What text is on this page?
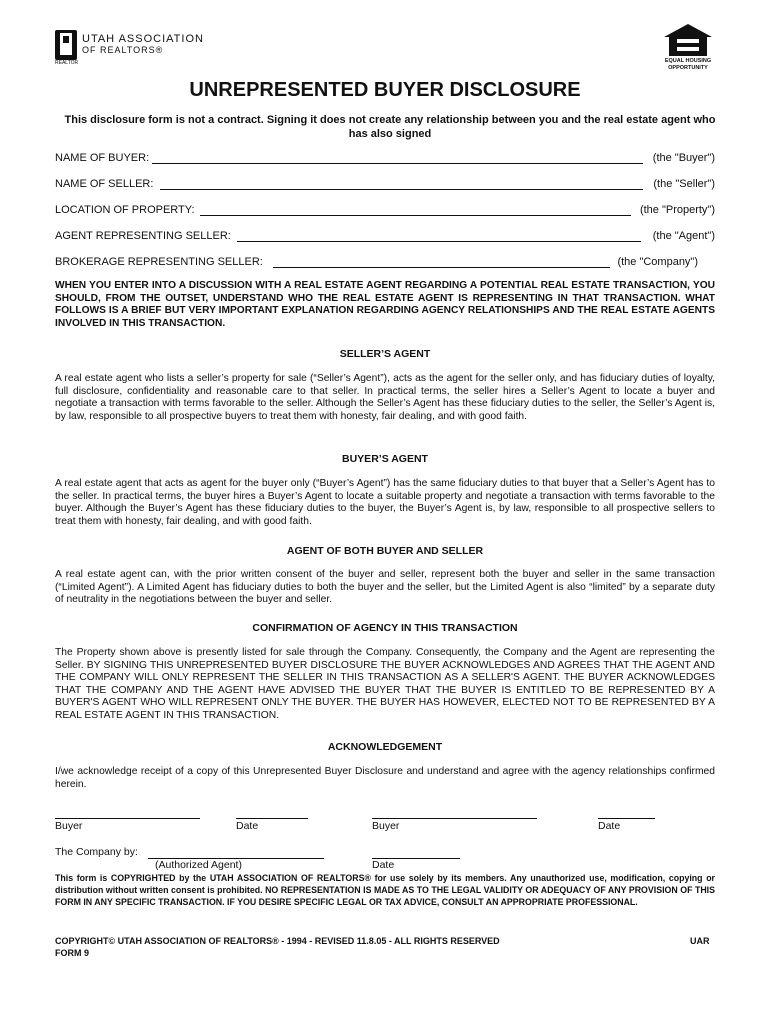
REALTOR
UTAH ASSOCIATION
OF REALTORS®
EQUAL HOUSING
OPPORTUNITY
UNREPRESENTED BUYER DISCLOSURE
This disclosure form is not a contract. Signing it does not create any relationship between you and the real estate agent who has also signed
NAME OF BUYER:	(the "Buyer")
NAME OF SELLER:	(the "Seller")
LOCATION OF PROPERTY:	(the "Property")
AGENT REPRESENTING SELLER:	(the "Agent")
BROKERAGE REPRESENTING SELLER:	(the "Company")
WHEN YOU ENTER INTO A DISCUSSION WITH A REAL ESTATE AGENT REGARDING A POTENTIAL REAL ESTATE TRANSACTION, YOU SHOULD, FROM THE OUTSET, UNDERSTAND WHO THE REAL ESTATE AGENT IS REPRESENTING IN THAT TRANSACTION. WHAT FOLLOWS IS A BRIEF BUT VERY IMPORTANT EXPLANATION REGARDING AGENCY RELATIONSHIPS AND THE REAL ESTATE AGENTS INVOLVED IN THIS TRANSACTION.
SELLER’S AGENT
A real estate agent who lists a seller’s property for sale (“Seller’s Agent”), acts as the agent for the seller only, and has fiduciary duties of loyalty, full disclosure, confidentiality and reasonable care to that seller. In practical terms, the seller hires a Seller’s Agent to locate a buyer and negotiate a transaction with terms favorable to the seller. Although the Seller’s Agent has these fiduciary duties to the seller, the Seller’s Agent is, by law, responsible to all prospective buyers to treat them with honesty, fair dealing, and with good faith.
BUYER’S AGENT
A real estate agent that acts as agent for the buyer only (“Buyer’s Agent”) has the same fiduciary duties to that buyer that a Seller’s Agent has to the seller. In practical terms, the buyer hires a Buyer’s Agent to locate a suitable property and negotiate a transaction with terms favorable to the buyer. Although the Buyer’s Agent has these fiduciary duties to the buyer, the Buyer’s Agent is, by law, responsible to all prospective sellers to treat them with honesty, fair dealing, and with good faith.
AGENT OF BOTH BUYER AND SELLER
A real estate agent can, with the prior written consent of the buyer and seller, represent both the buyer and seller in the same transaction (“Limited Agent”). A Limited Agent has fiduciary duties to both the buyer and the seller, but the Limited Agent is also “limited” by a separate duty of neutrality in the negotiations between the buyer and seller.
CONFIRMATION OF AGENCY IN THIS TRANSACTION
The Property shown above is presently listed for sale through the Company. Consequently, the Company and the Agent are representing the Seller. BY SIGNING THIS UNREPRESENTED BUYER DISCLOSURE THE BUYER ACKNOWLEDGES AND AGREES THAT THE AGENT AND THE COMPANY WILL ONLY REPRESENT THE SELLER IN THIS TRANSACTION AS A SELLER'S AGENT. THE BUYER ACKNOWLEDGES THAT THE COMPANY AND THE AGENT HAVE ADVISED THE BUYER THAT THE BUYER IS ENTITLED TO BE REPRESENTED BY A BUYER'S AGENT WHO WILL REPRESENT ONLY THE BUYER. THE BUYER HAS HOWEVER, ELECTED NOT TO BE REPRESENTED BY A REAL ESTATE AGENT IN THIS TRANSACTION.
ACKNOWLEDGEMENT
I/we acknowledge receipt of a copy of this Unrepresented Buyer Disclosure and understand and agree with the agency relationships confirmed herein.
Buyer	Date	Buyer	Date
The Company by:
(Authorized Agent)	Date
This form is COPYRIGHTED by the UTAH ASSOCIATION OF REALTORS® for use solely by its members. Any unauthorized use, modification, copying or distribution without written consent is prohibited. NO REPRESENTATION IS MADE AS TO THE LEGAL VALIDITY OR ADEQUACY OF ANY PROVISION OF THIS FORM IN ANY SPECIFIC TRANSACTION. IF YOU DESIRE SPECIFIC LEGAL OR TAX ADVICE, CONSULT AN APPROPRIATE PROFESSIONAL.
COPYRIGHT© UTAH ASSOCIATION OF REALTORS® - 1994 - REVISED 11.8.05 - ALL RIGHTS RESERVED
FORM 9
UAR
